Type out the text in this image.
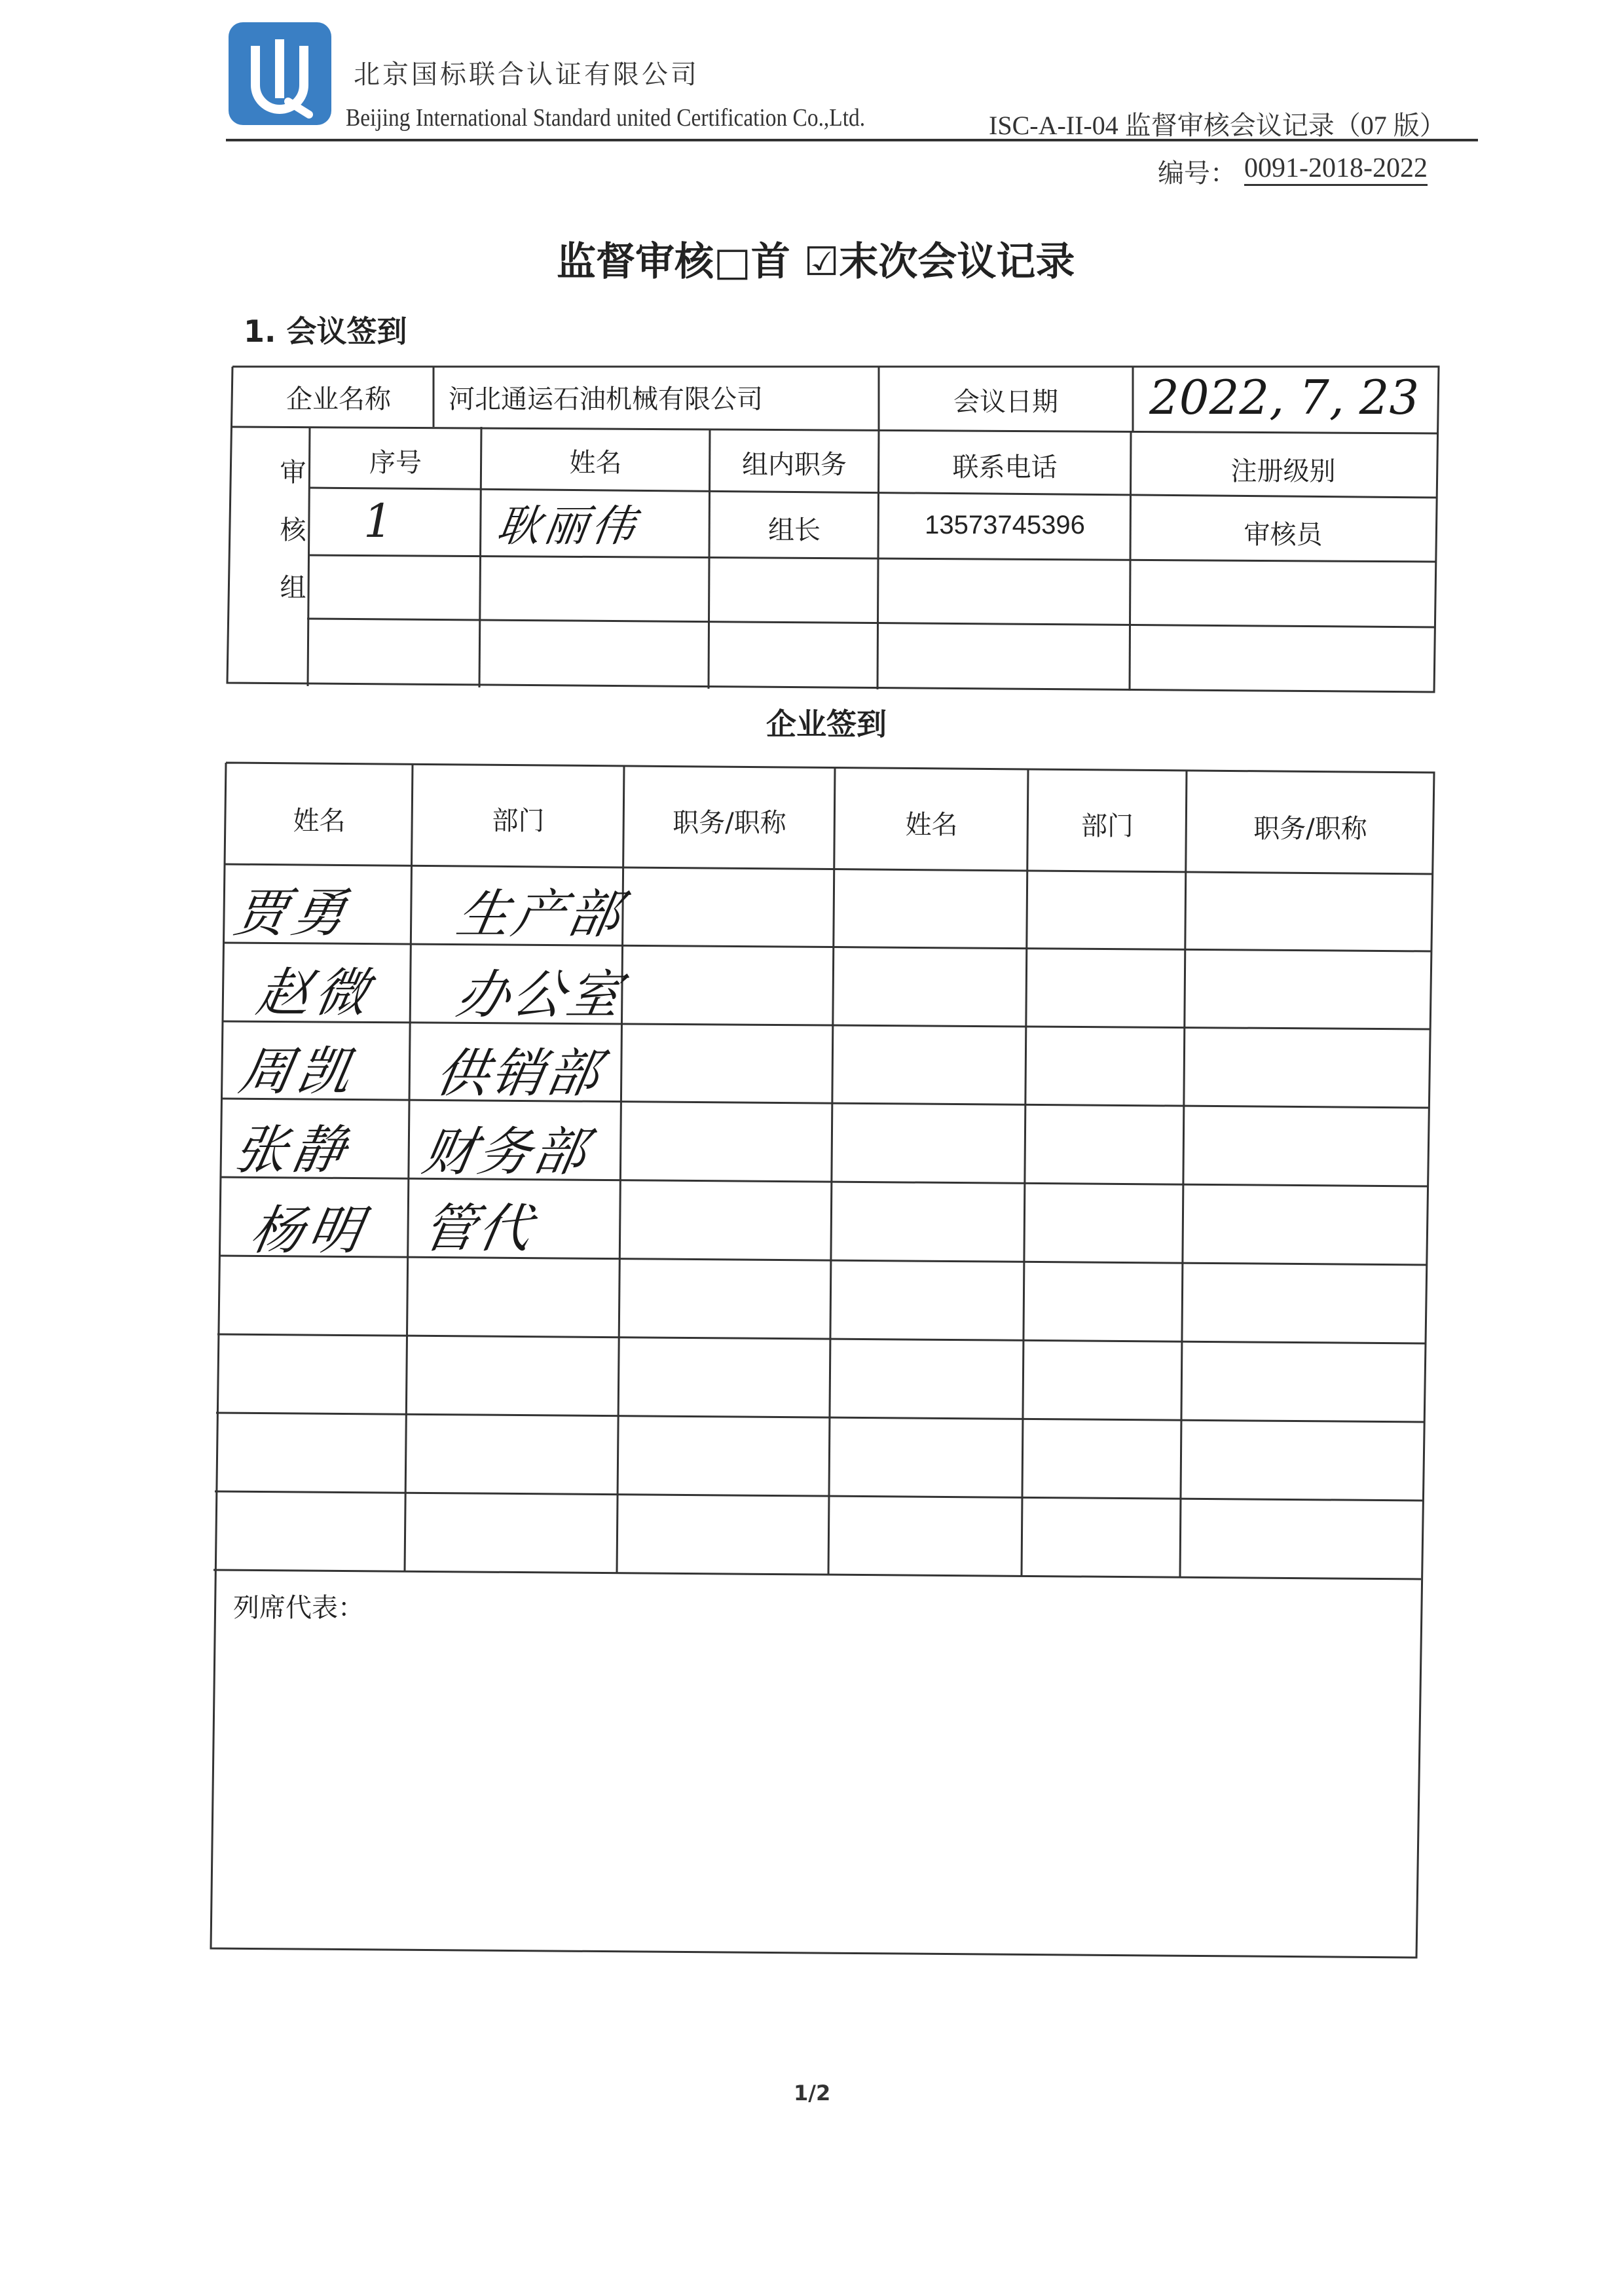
北京国标联合认证有限公司
Beijing International Standard united Certification Co.,Ltd.	ISC-A-II-04 监督审核会议记录（07 版）
编号： 0091-2018-2022
监督审核□首 ☑末次会议记录
1. 会议签到
企业名称	河北通运石油机械有限公司	会议日期	2022, 7, 23
审核组	序号	姓名	组内职务	联系电话	注册级别
1 耿丽伟	组长	13573745396	审核员
企业签到
姓名	部门	职务/职称	姓名	部门	职务/职称
贾勇 生产部
赵微 办公室
周凯 供销部
张静 财务部
杨明 管代
列席代表：
1/2
